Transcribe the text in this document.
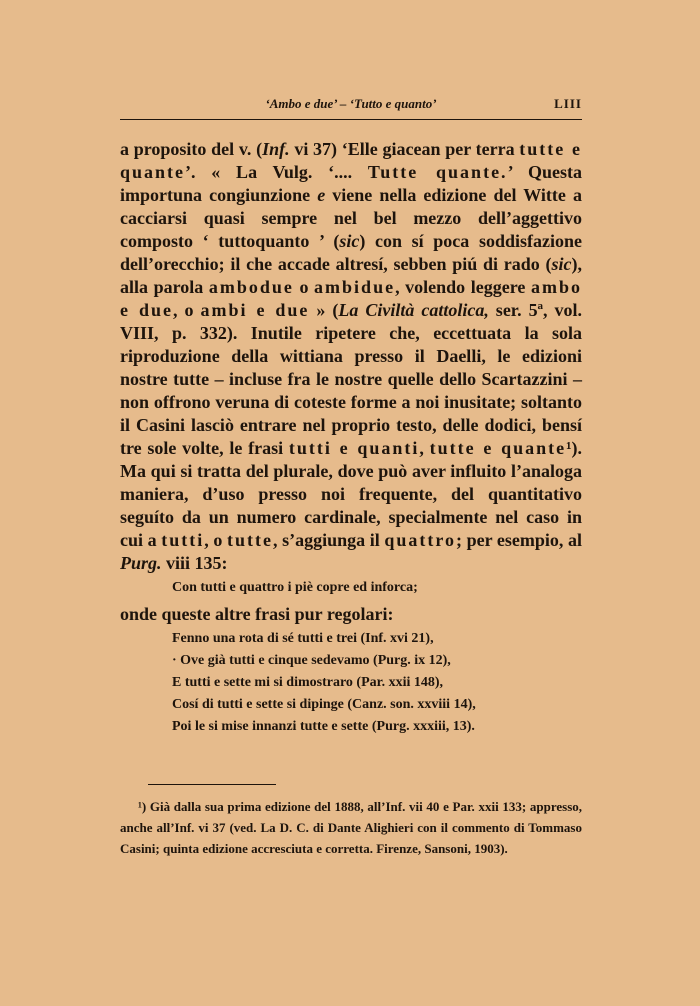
‘Ambo e due’ – ‘Tutto e quanto’	LIII

a proposito del v. (Inf. vi 37) ‘Elle giacean per terra tutte e quante’. « La Vulg. ‘.... Tutte quante.’ Questa importuna congiunzione e viene nella edizione del Witte a cacciarsi quasi sempre nel bel mezzo dell’aggettivo composto ‘ tuttoquanto ’ (sic) con sí poca soddisfazione dell’orecchio; il che accade altresí, sebben piú di rado (sic), alla parola ambodue o ambidue, volendo leggere ambo e due, o ambi e due » (La Civiltà cattolica, ser. 5ª, vol. VIII, p. 332). Inutile ripetere che, eccettuata la sola riproduzione della wittiana presso il Daelli, le edizioni nostre tutte – incluse fra le nostre quelle dello Scartazzini – non offrono veruna di coteste forme a noi inusitate; soltanto il Casini lasciò entrare nel proprio testo, delle dodici, bensí tre sole volte, le frasi tutti e quanti, tutte e quante¹). Ma qui si tratta del plurale, dove può aver influito l’analoga maniera, d’uso presso noi frequente, del quantitativo seguíto da un numero cardinale, specialmente nel caso in cui a tutti, o tutte, s’aggiunga il quattro; per esempio, al Purg. viii 135:

Con tutti e quattro i piè copre ed inforca;

onde queste altre frasi pur regolari:

Fenno una rota di sé tutti e trei (Inf. xvi 21),
· Ove già tutti e cinque sedevamo (Purg. ix 12),
E tutti e sette mi si dimostraro (Par. xxii 148),
Cosí di tutti e sette si dipinge (Canz. son. xxviii 14),
Poi le si mise innanzi tutte e sette (Purg. xxxiii, 13).
¹) Già dalla sua prima edizione del 1888, all’Inf. vii 40 e Par. xxii 133; appresso, anche all’Inf. vi 37 (ved. La D. C. di Dante Alighieri con il commento di Tommaso Casini; quinta edizione accresciuta e corretta. Firenze, Sansoni, 1903).
